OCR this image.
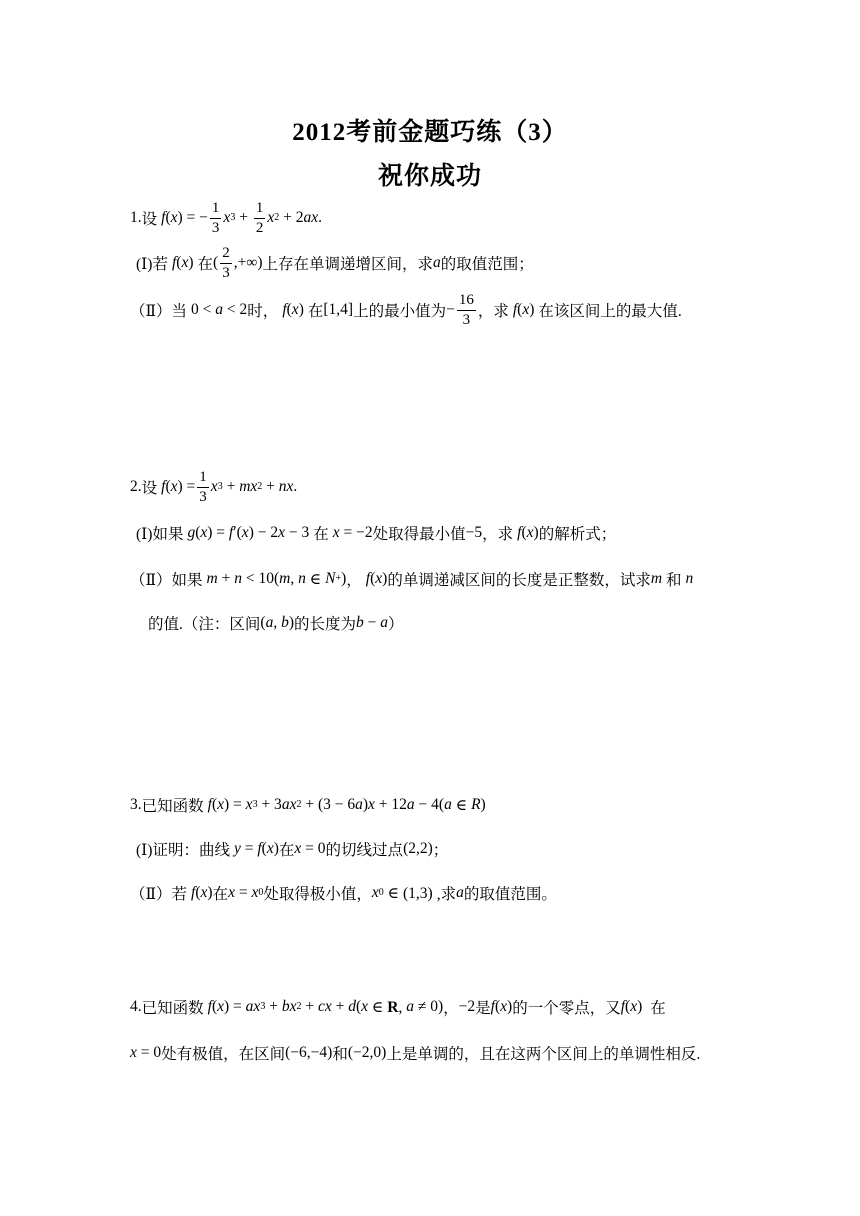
2012考前金题巧练（3）
祝你成功
1. 设 f ( x ) = − $\frac{1}{3}$ x $3 + \frac{1}{2}$ x 2 + 2 ax .
(Ⅰ)若 f ( x ) 在 ( $\frac{2}{3}$ ,+∞) 上存在单调递增区间，求 a 的取值范围；
（Ⅱ）当 0 < a < 2 时， f ( x ) 在 [1,4] 上的最小值为 − $\frac{16}{3}$ ，求 f ( x ) 在该区间上的最大值.
2. 设 f ( x ) = $\frac{1}{3}$ x 3 + mx 2 + nx .
(Ⅰ)如果 g ( x ) = f ′( x ) − 2 x − 3 在 x = −2 处取得最小值 −5 ，求 f ( x ) 的解析式；
（Ⅱ）如果 m + n < 10( m , n ∈ N + ) ， f ( x ) 的单调递减区间的长度是正整数，试求 m 和 n
的值.（注：区间 ( a , b ) 的长度为 b − a ）
3. 已知函数 f ( x ) = x 3 + 3 ax 2 + (3 − 6 a ) x + 12 a − 4( a ∈ R )
(Ⅰ)证明：曲线 y = f ( x ) 在 x = 0 的切线过点 (2,2) ；
（Ⅱ）若 f ( x ) 在 x = x 0 处取得极小值， x 0 ∈ (1,3) ,求 a 的取值范围。
4. 已知函数 f ( x ) = ax 3 + bx 2 + cx + d ( x ∈ R, a ≠ 0) ， −2 是 f ( x ) 的一个零点，又 f ( x ) 在
x = 0 处有极值，在区间 (−6,−4) 和 (−2,0) 上是单调的，且在这两个区间上的单调性相反.
